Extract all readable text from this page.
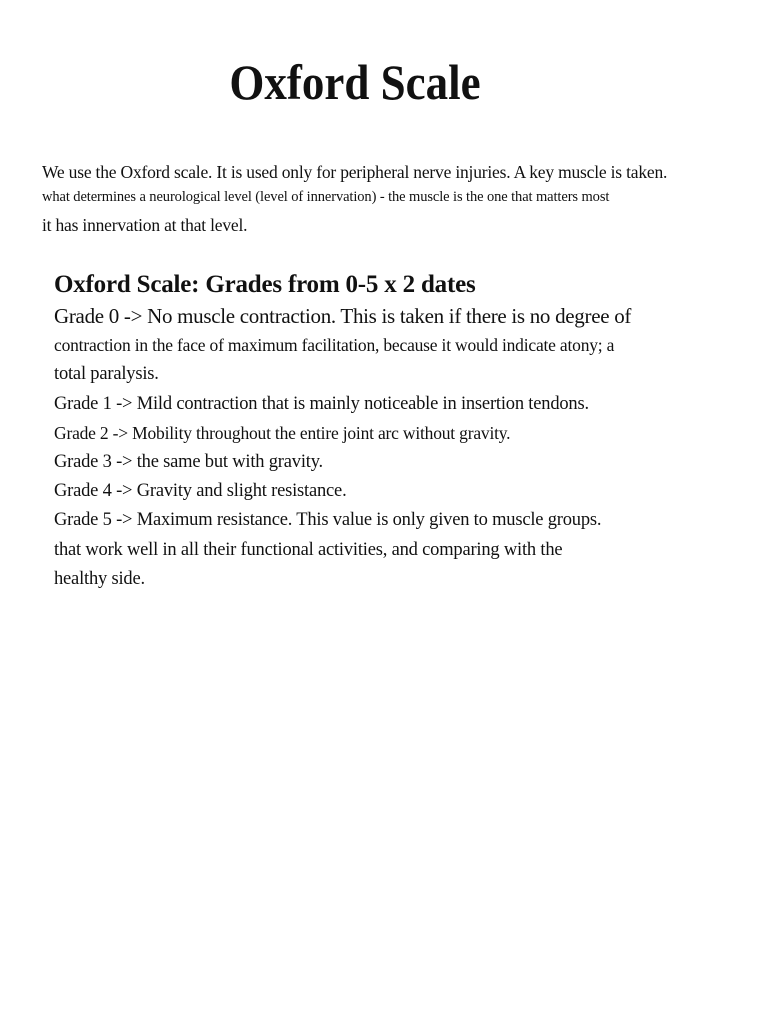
Oxford Scale
We use the Oxford scale. It is used only for peripheral nerve injuries. A key muscle is taken.
what determines a neurological level (level of innervation) - the muscle is the one that matters most
it has innervation at that level.
Oxford Scale: Grades from 0-5 x 2 dates
Grade 0 -> No muscle contraction. This is taken if there is no degree of
contraction in the face of maximum facilitation, because it would indicate atony; a
total paralysis.
Grade 1 -> Mild contraction that is mainly noticeable in insertion tendons.
Grade 2 -> Mobility throughout the entire joint arc without gravity.
Grade 3 -> the same but with gravity.
Grade 4 -> Gravity and slight resistance.
Grade 5 -> Maximum resistance. This value is only given to muscle groups.
that work well in all their functional activities, and comparing with the
healthy side.
